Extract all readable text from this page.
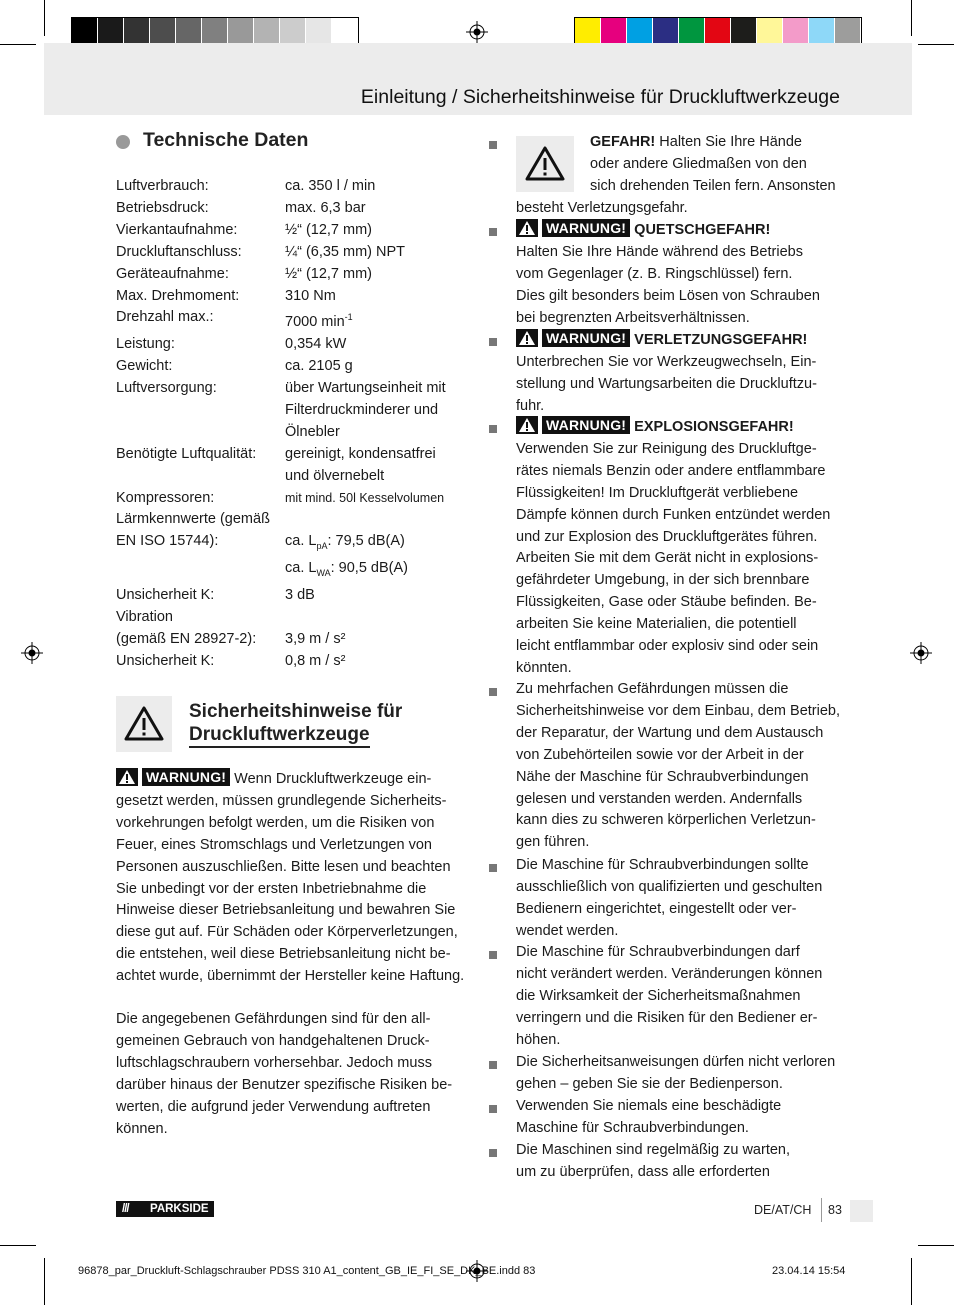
Einleitung / Sicherheitshinweise für Druckluftwerkzeuge
Technische Daten
Luftverbrauch:	ca. 350 l / min
Betriebsdruck:	max. 6,3 bar
Vierkantaufnahme:	½“ (12,7 mm)
Druckluftanschluss:	¼“ (6,35 mm) NPT
Geräteaufnahme:	½“ (12,7 mm)
Max. Drehmoment:	310 Nm
Drehzahl max.:	7000 $\min^{-1}$
Leistung:	0,354 kW
Gewicht:	ca. 2105 g
Luftversorgung:	über Wartungseinheit mit
Filterdruckminderer und
Ölnebler
Benötigte Luftqualität:	gereinigt, kondensatfrei
und ölvernebelt
Kompressoren:	mit mind. 50l Kesselvolumen
Lärmkennwerte (gemäß
EN ISO 15744):	ca. $L_{pA}$: 79,5 dB(A)
ca. $L_{WA}$: 90,5 dB(A)
Unsicherheit K:	3 dB
Vibration
(gemäß EN 28927-2):	3,9 m / s²
Unsicherheit K:	0,8 m / s²
Sicherheitshinweise für
Druckluftwerkzeuge
WARNUNG! Wenn Druckluftwerkzeuge ein-
gesetzt werden, müssen grundlegende Sicherheits-
vorkehrungen befolgt werden, um die Risiken von
Feuer, eines Stromschlags und Verletzungen von
Personen auszuschließen. Bitte lesen und beachten
Sie unbedingt vor der ersten Inbetriebnahme die
Hinweise dieser Betriebsanleitung und bewahren Sie
diese gut auf. Für Schäden oder Körperverletzungen,
die entstehen, weil diese Betriebsanleitung nicht be-
achtet wurde, übernimmt der Hersteller keine Haftung.
Die angegebenen Gefährdungen sind für den all-
gemeinen Gebrauch von handgehaltenen Druck-
luftschlagschraubern vorhersehbar. Jedoch muss
darüber hinaus der Benutzer spezifische Risiken be-
werten, die aufgrund jeder Verwendung auftreten
können.
GEFAHR! Halten Sie Ihre Hände
oder andere Gliedmaßen von den
sich drehenden Teilen fern. Ansonsten
besteht Verletzungsgefahr.
WARNUNG! QUETSCHGEFAHR!
Halten Sie Ihre Hände während des Betriebs
vom Gegenlager (z. B. Ringschlüssel) fern.
Dies gilt besonders beim Lösen von Schrauben
bei begrenzten Arbeitsverhältnissen.
WARNUNG! VERLETZUNGSGEFAHR!
Unterbrechen Sie vor Werkzeugwechseln, Ein-
stellung und Wartungsarbeiten die Druckluftzu-
fuhr.
WARNUNG! EXPLOSIONSGEFAHR!
Verwenden Sie zur Reinigung des Druckluftge-
rätes niemals Benzin oder andere entflammbare
Flüssigkeiten! Im Druckluftgerät verbliebene
Dämpfe können durch Funken entzündet werden
und zur Explosion des Druckluftgerätes führen.
Arbeiten Sie mit dem Gerät nicht in explosions-
gefährdeter Umgebung, in der sich brennbare
Flüssigkeiten, Gase oder Stäube befinden. Be-
arbeiten Sie keine Materialien, die potentiell
leicht entflammbar oder explosiv sind oder sein
könnten.
Zu mehrfachen Gefährdungen müssen die
Sicherheitshinweise vor dem Einbau, dem Betrieb,
der Reparatur, der Wartung und dem Austausch
von Zubehörteilen sowie vor der Arbeit in der
Nähe der Maschine für Schraubverbindungen
gelesen und verstanden werden. Andernfalls
kann dies zu schweren körperlichen Verletzun-
gen führen.
Die Maschine für Schraubverbindungen sollte
ausschließlich von qualifizierten und geschulten
Bedienern eingerichtet, eingestellt oder ver-
wendet werden.
Die Maschine für Schraubverbindungen darf
nicht verändert werden. Veränderungen können
die Wirksamkeit der Sicherheitsmaßnahmen
verringern und die Risiken für den Bediener er-
höhen.
Die Sicherheitsanweisungen dürfen nicht verloren
gehen – geben Sie sie der Bedienperson.
Verwenden Sie niemals eine beschädigte
Maschine für Schraubverbindungen.
Die Maschinen sind regelmäßig zu warten,
um zu überprüfen, dass alle erforderten
/// PARKSIDE	DE/AT/CH 83
96878_par_Druckluft-Schlagschrauber PDSS 310 A1_content_GB_IE_FI_SE_DK_BE.indd 83	23.04.14 15:54
